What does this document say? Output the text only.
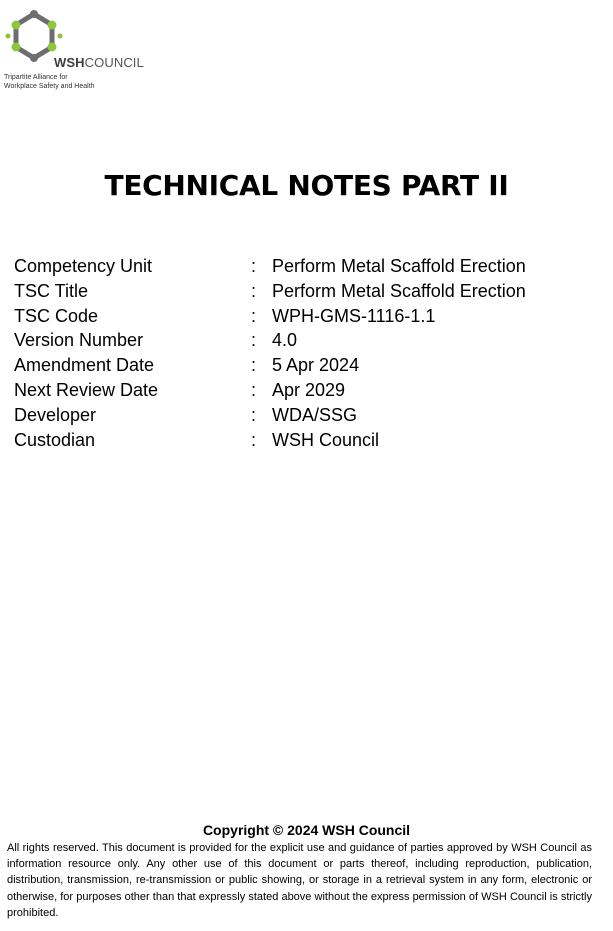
WSHCOUNCIL
Tripartite Alliance for
Workplace Safety and Health
TECHNICAL NOTES PART II
Competency Unit	: Perform Metal Scaffold Erection
TSC Title	: Perform Metal Scaffold Erection
TSC Code	: WPH-GMS-1116-1.1
Version Number	: 4.0
Amendment Date	: 5 Apr 2024
Next Review Date	: Apr 2029
Developer	: WDA/SSG
Custodian	: WSH Council
Copyright © 2024 WSH Council

All rights reserved. This document is provided for the explicit use and guidance of parties approved by WSH Council as information resource only. Any other use of this document or parts thereof, including reproduction, publication, distribution, transmission, re-transmission or public showing, or storage in a retrieval system in any form, electronic or otherwise, for purposes other than that expressly stated above without the express permission of WSH Council is strictly prohibited.
